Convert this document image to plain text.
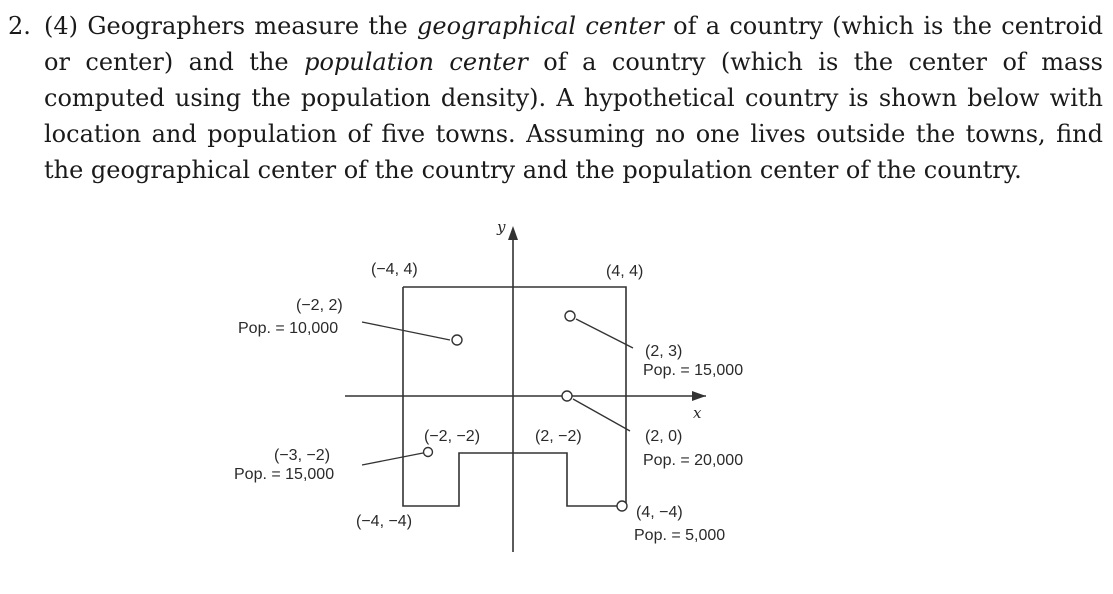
2. (4) Geographers measure the geographical center of a country (which is the centroid or center) and the population center of a country (which is the center of mass computed using the population density). A hypothetical country is shown below with location and population of five towns. Assuming no one lives outside the towns, find the geographical center of the country and the population center of the country.
x
y
(−4, 4)	(4, 4)
(−4, −4)
(−2, −2)	(2, −2)
(−2, 2)
Pop. = 10,000
(2, 3)
Pop. = 15,000
(2, 0)
Pop. = 20,000
(−3, −2)
Pop. = 15,000
(4, −4)
Pop. = 5,000
